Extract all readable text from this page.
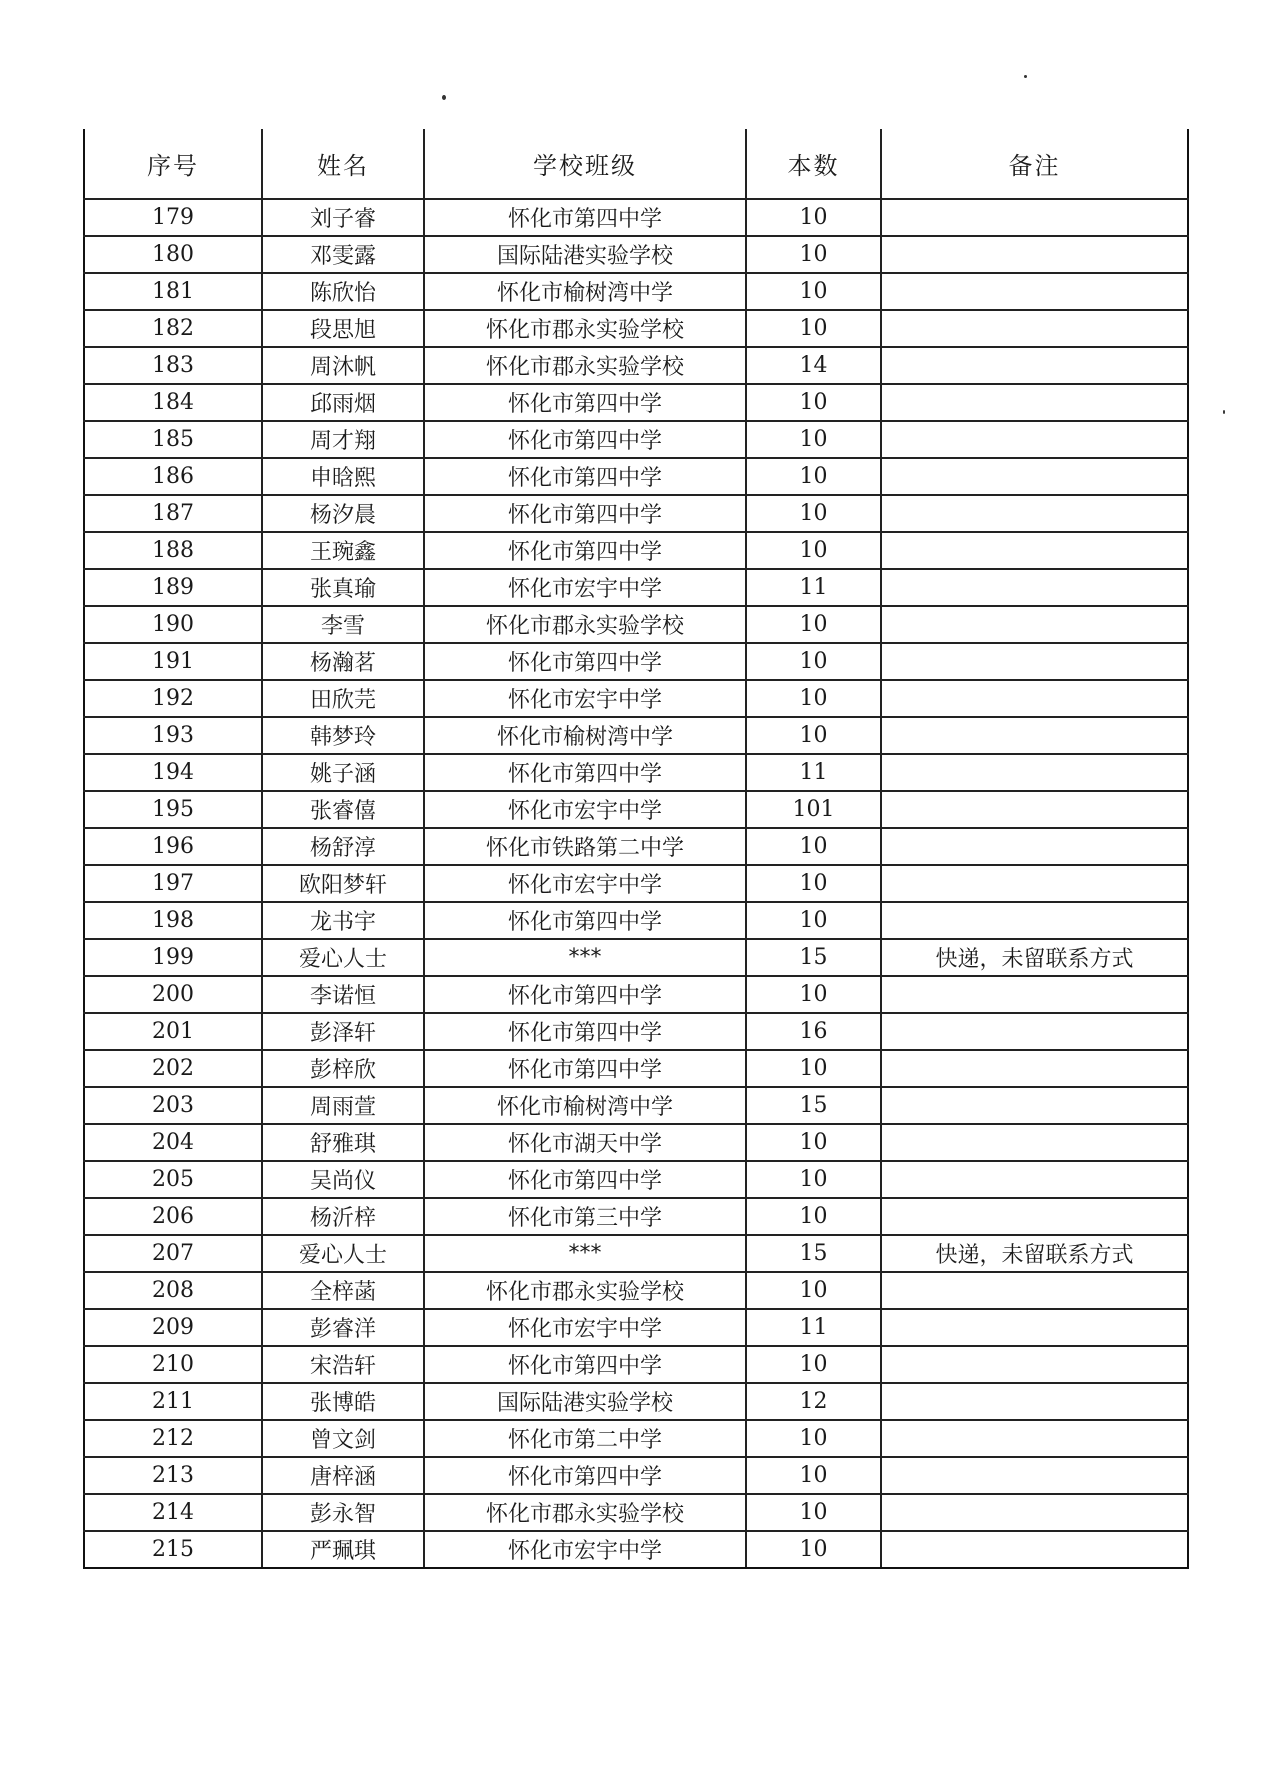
序号	姓名	学校班级	本数	备注
179	刘子睿	怀化市第四中学	10	
180	邓雯露	国际陆港实验学校	10	
181	陈欣怡	怀化市榆树湾中学	10	
182	段思旭	怀化市郡永实验学校	10	
183	周沐帆	怀化市郡永实验学校	14	
184	邱雨烟	怀化市第四中学	10	
185	周才翔	怀化市第四中学	10	
186	申晗熙	怀化市第四中学	10	
187	杨汐晨	怀化市第四中学	10	
188	王琬鑫	怀化市第四中学	10	
189	张真瑜	怀化市宏宇中学	11	
190	李雪	怀化市郡永实验学校	10	
191	杨瀚茗	怀化市第四中学	10	
192	田欣芫	怀化市宏宇中学	10	
193	韩梦玲	怀化市榆树湾中学	10	
194	姚子涵	怀化市第四中学	11	
195	张睿僖	怀化市宏宇中学	101	
196	杨舒淳	怀化市铁路第二中学	10	
197	欧阳梦轩	怀化市宏宇中学	10	
198	龙书宇	怀化市第四中学	10	
199	爱心人士	***	15	快递，未留联系方式
200	李诺恒	怀化市第四中学	10	
201	彭泽轩	怀化市第四中学	16	
202	彭梓欣	怀化市第四中学	10	
203	周雨萱	怀化市榆树湾中学	15	
204	舒雅琪	怀化市湖天中学	10	
205	吴尚仪	怀化市第四中学	10	
206	杨沂梓	怀化市第三中学	10	
207	爱心人士	***	15	快递，未留联系方式
208	全梓菡	怀化市郡永实验学校	10	
209	彭睿洋	怀化市宏宇中学	11	
210	宋浩轩	怀化市第四中学	10	
211	张博皓	国际陆港实验学校	12	
212	曾文剑	怀化市第二中学	10	
213	唐梓涵	怀化市第四中学	10	
214	彭永智	怀化市郡永实验学校	10	
215	严珮琪	怀化市宏宇中学	10	
